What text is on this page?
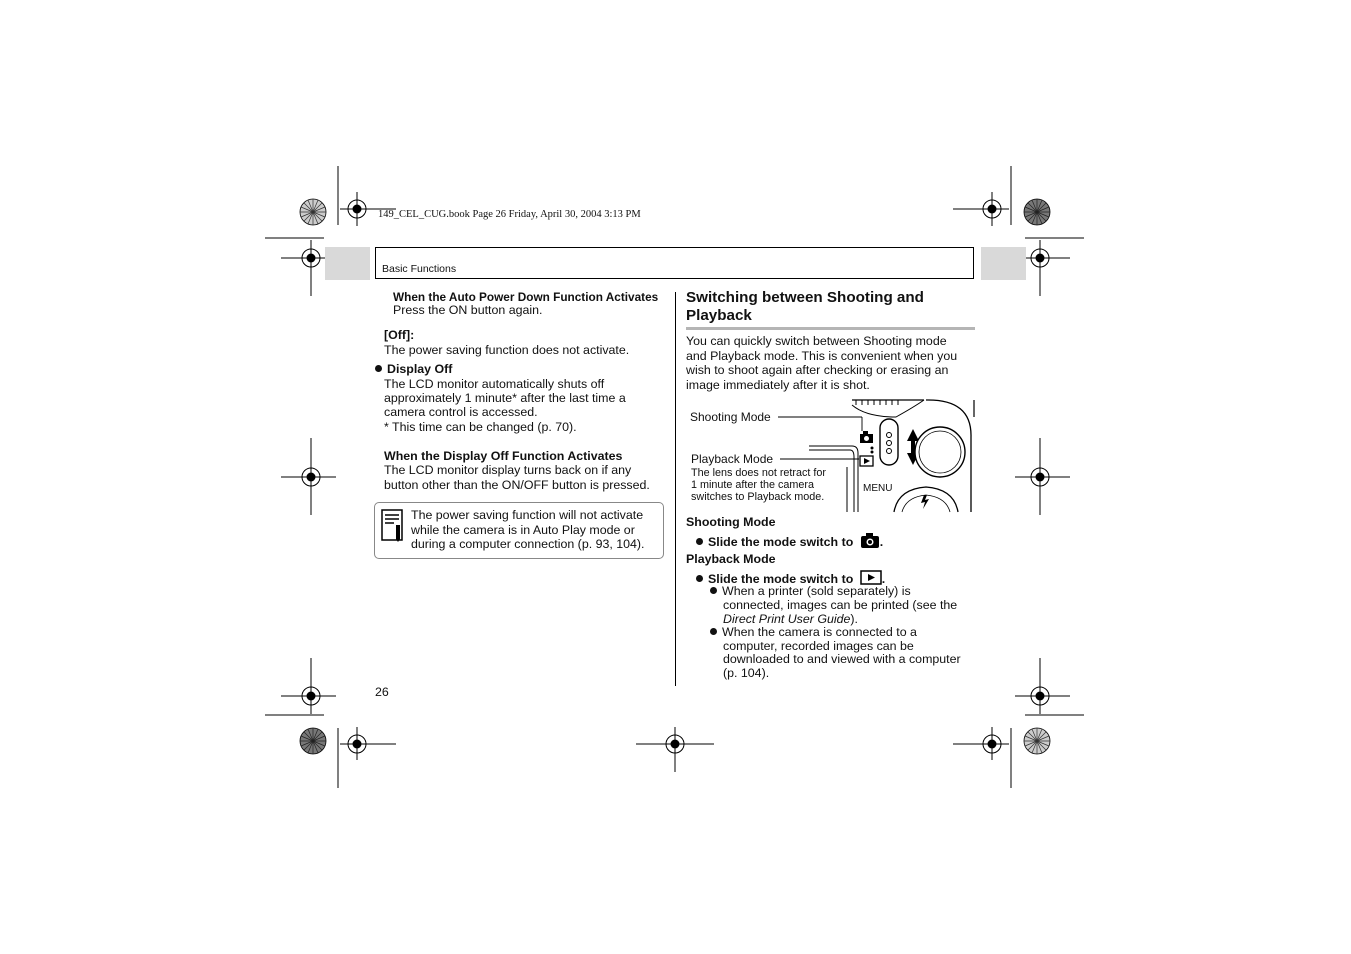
149_CEL_CUG.book Page 26 Friday, April 30, 2004 3:13 PM
Basic Functions
When the Auto Power Down Function Activates
Press the ON button again.
[Off]:
The power saving function does not activate.
Display Off
The LCD monitor automatically shuts off
approximately 1 minute* after the last time a
camera control is accessed.
* This time can be changed (p. 70).
When the Display Off Function Activates
The LCD monitor display turns back on if any
button other than the ON/OFF button is pressed.
The power saving function will not activate
while the camera is in Auto Play mode or
during a computer connection (p. 93, 104).
26
Switching between Shooting and
Playback
You can quickly switch between Shooting mode
and Playback mode. This is convenient when you
wish to shoot again after checking or erasing an
image immediately after it is shot.
Shooting Mode
Playback Mode
The lens does not retract for
1 minute after the camera
switches to Playback mode.
MENU
Shooting Mode
Slide the mode switch to .
Playback Mode
Slide the mode switch to .
When a printer (sold separately) is
connected, images can be printed (see the
Direct Print User Guide).
When the camera is connected to a
computer, recorded images can be
downloaded to and viewed with a computer
(p. 104).
